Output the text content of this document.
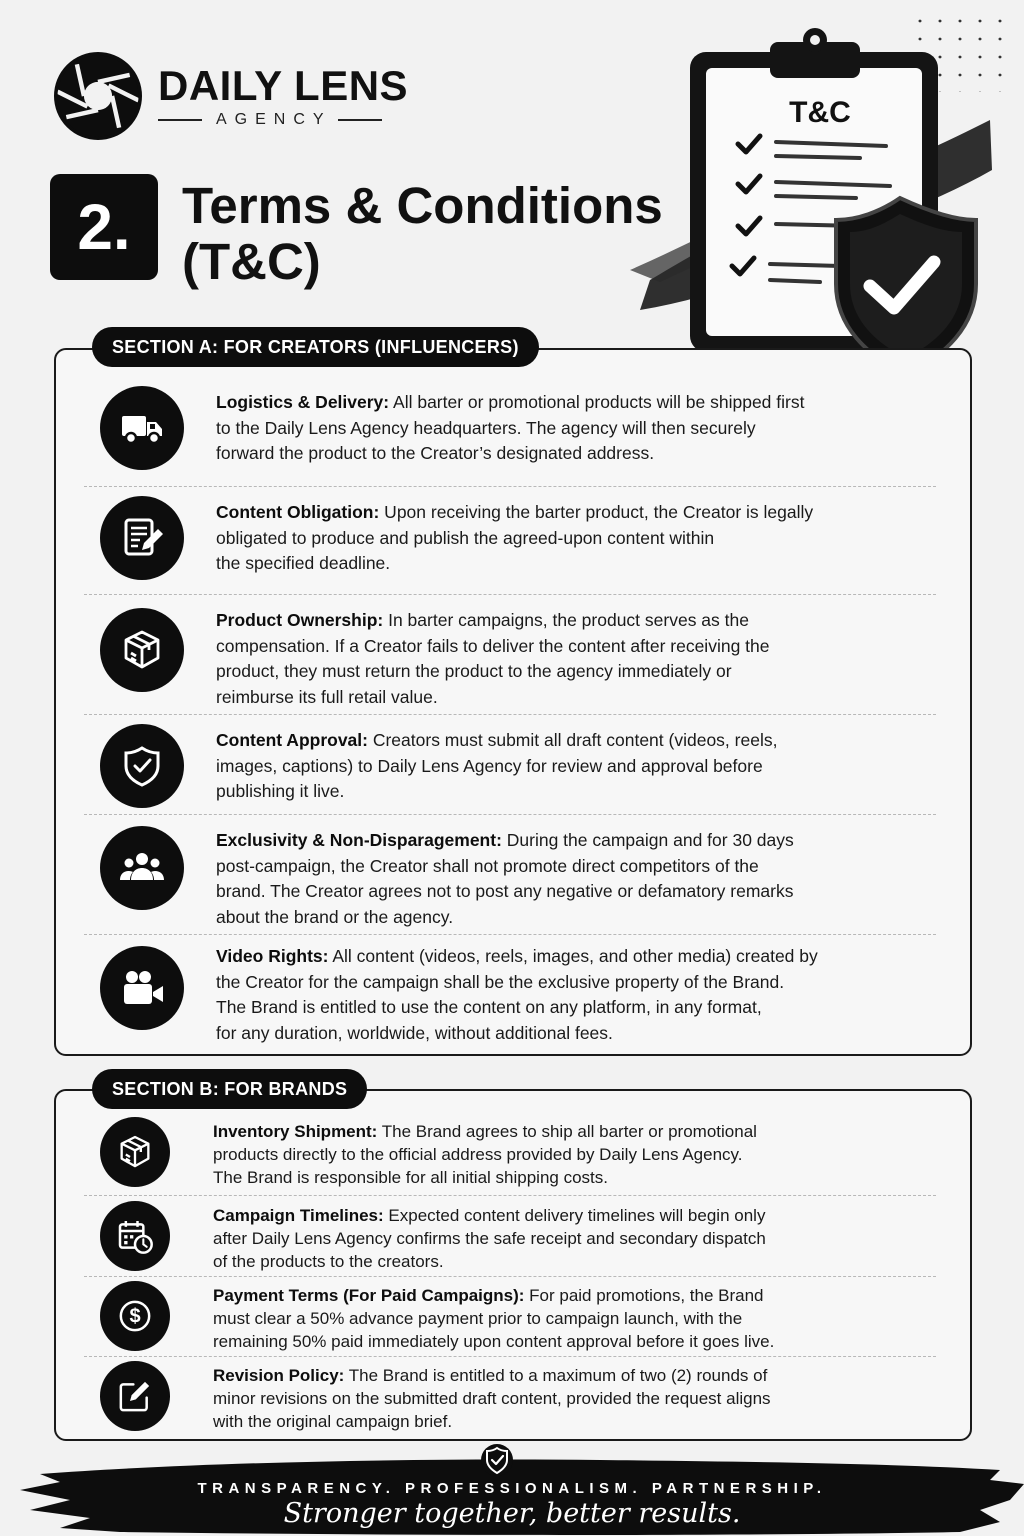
DAILY LENS
AGENCY
2.	Terms & Conditions
(T&C)
T&C
Logistics & Delivery: All barter or promotional products will be shipped first
to the Daily Lens Agency headquarters. The agency will then securely
forward the product to the Creator’s designated address.
Content Obligation: Upon receiving the barter product, the Creator is legally
obligated to produce and publish the agreed-upon content within
the specified deadline.
Product Ownership: In barter campaigns, the product serves as the
compensation. If a Creator fails to deliver the content after receiving the
product, they must return the product to the agency immediately or
reimburse its full retail value.
Content Approval: Creators must submit all draft content (videos, reels,
images, captions) to Daily Lens Agency for review and approval before
publishing it live.
Exclusivity & Non-Disparagement: During the campaign and for 30 days
post-campaign, the Creator shall not promote direct competitors of the
brand. The Creator agrees not to post any negative or defamatory remarks
about the brand or the agency.
Video Rights: All content (videos, reels, images, and other media) created by
the Creator for the campaign shall be the exclusive property of the Brand.
The Brand is entitled to use the content on any platform, in any format,
for any duration, worldwide, without additional fees.
SECTION A: FOR CREATORS (INFLUENCERS)
Inventory Shipment: The Brand agrees to ship all barter or promotional
products directly to the official address provided by Daily Lens Agency.
The Brand is responsible for all initial shipping costs.
Campaign Timelines: Expected content delivery timelines will begin only
after Daily Lens Agency confirms the safe receipt and secondary dispatch
of the products to the creators.
$
Payment Terms (For Paid Campaigns): For paid promotions, the Brand
must clear a 50% advance payment prior to campaign launch, with the
remaining 50% paid immediately upon content approval before it goes live.
Revision Policy: The Brand is entitled to a maximum of two (2) rounds of
minor revisions on the submitted draft content, provided the request aligns
with the original campaign brief.
SECTION B: FOR BRANDS
TRANSPARENCY. PROFESSIONALISM. PARTNERSHIP.
Stronger together, better results.
